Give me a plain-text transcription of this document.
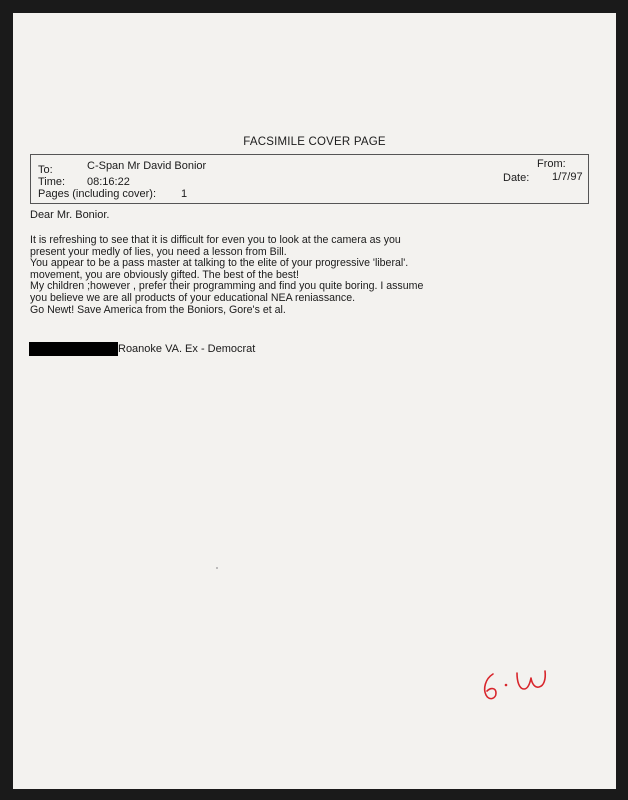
FACSIMILE COVER PAGE
To:	C-Span Mr David Bonior
Time: 08:16:22
Pages (including cover): 1
From:
Date: 1/7/97
Dear Mr. Bonior.
It is refreshing to see that it is difficult for even you to look at the camera as you
present your medly of lies, you need a lesson from Bill.
You appear to be a pass master at talking to the elite of your progressive 'liberal'.
movement, you are obviously gifted. The best of the best!
My children ;however , prefer their programming and find you quite boring. I assume
you believe we are all products of your educational NEA reniassance.
Go Newt! Save America from the Boniors, Gore's et al.
Roanoke VA. Ex - Democrat
